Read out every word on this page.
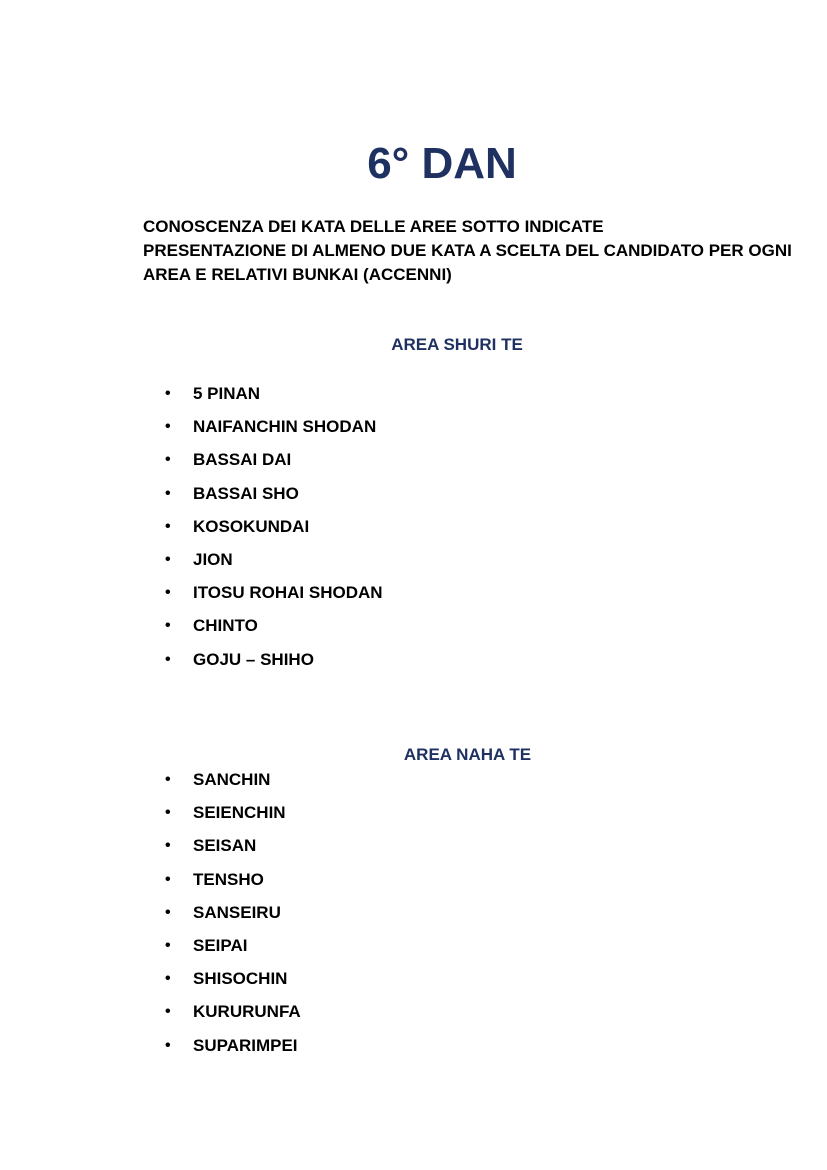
6° DAN
CONOSCENZA DEI KATA DELLE AREE SOTTO INDICATE
PRESENTAZIONE DI ALMENO DUE KATA A SCELTA DEL CANDIDATO PER OGNI
AREA E RELATIVI BUNKAI (ACCENNI)
AREA SHURI TE
•	5 PINAN
•	NAIFANCHIN SHODAN
•	BASSAI DAI
•	BASSAI SHO
•	KOSOKUNDAI
•	JION
•	ITOSU ROHAI SHODAN
•	CHINTO
•	GOJU – SHIHO
AREA NAHA TE
•	SANCHIN
•	SEIENCHIN
•	SEISAN
•	TENSHO
•	SANSEIRU
•	SEIPAI
•	SHISOCHIN
•	KURURUNFA
•	SUPARIMPEI
